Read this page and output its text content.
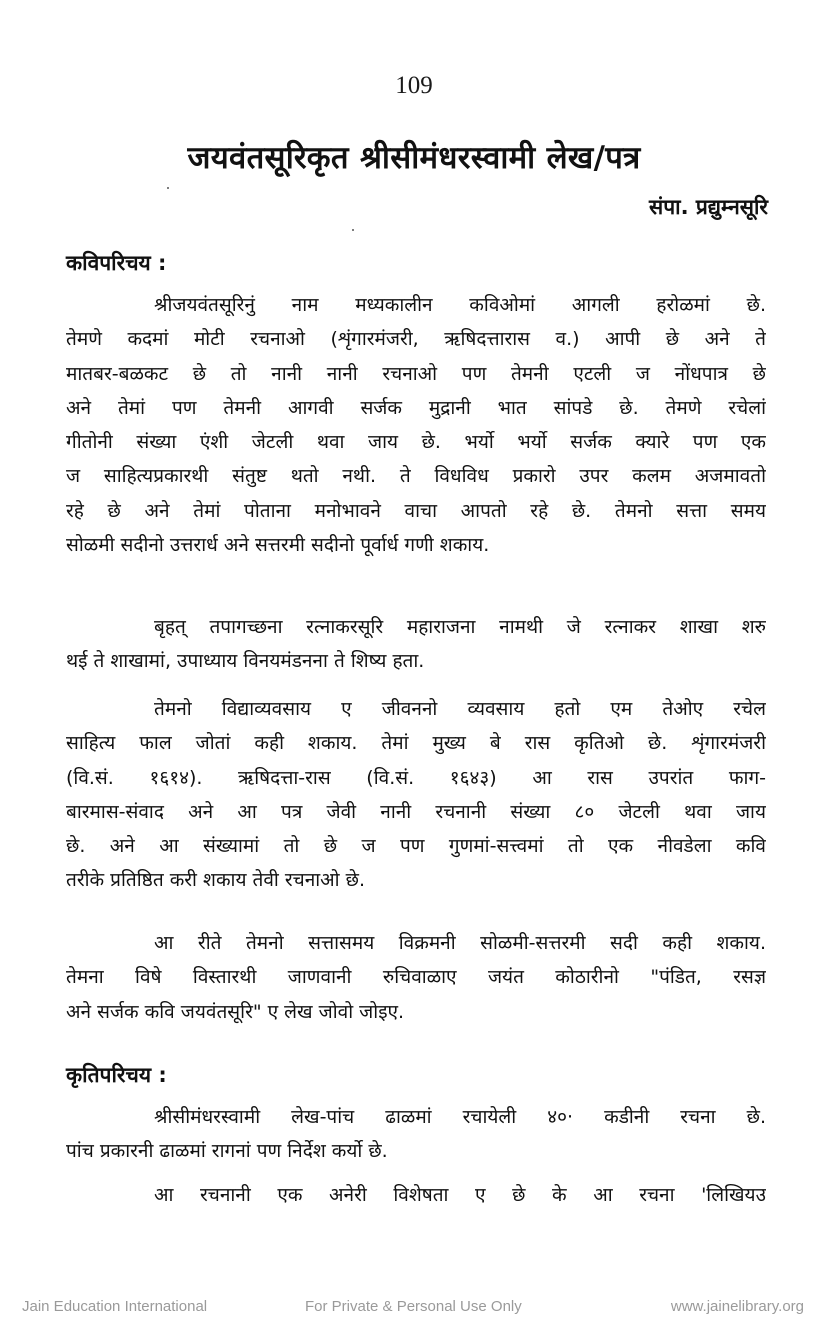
109
जयवंतसूरिकृत श्रीसीमंधरस्वामी लेख/पत्र
संपा. प्रद्युम्नसूरि
कविपरिचय :
श्रीजयवंतसूरिनुं नाम मध्यकालीन कविओमां आगली हरोळमां छे.
तेमणे कदमां मोटी रचनाओ (शृंगारमंजरी, ऋषिदत्तारास व.) आपी छे अने ते
मातबर-बळकट छे तो नानी नानी रचनाओ पण तेमनी एटली ज नोंधपात्र छे
अने तेमां पण तेमनी आगवी सर्जक मुद्रानी भात सांपडे छे. तेमणे रचेलां
गीतोनी संख्या एंशी जेटली थवा जाय छे. भर्यो भर्यो सर्जक क्यारे पण एक
ज साहित्यप्रकारथी संतुष्ट थतो नथी. ते विधविध प्रकारो उपर कलम अजमावतो
रहे छे अने तेमां पोताना मनोभावने वाचा आपतो रहे छे. तेमनो सत्ता समय
सोळमी सदीनो उत्तरार्ध अने सत्तरमी सदीनो पूर्वार्ध गणी शकाय.
बृहत् तपागच्छना रत्नाकरसूरि महाराजना नामथी जे रत्नाकर शाखा शरु
थई ते शाखामां, उपाध्याय विनयमंडनना ते शिष्य हता.
तेमनो विद्याव्यवसाय ए जीवननो व्यवसाय हतो एम तेओए रचेल
साहित्य फाल जोतां कही शकाय. तेमां मुख्य बे रास कृतिओ छे. शृंगारमंजरी
(वि.सं. १६१४). ऋषिदत्ता-रास (वि.सं. १६४३) आ रास उपरांत फाग-
बारमास-संवाद अने आ पत्र जेवी नानी रचनानी संख्या ८० जेटली थवा जाय
छे. अने आ संख्यामां तो छे ज पण गुणमां-सत्त्वमां तो एक नीवडेला कवि
तरीके प्रतिष्ठित करी शकाय तेवी रचनाओ छे.
आ रीते तेमनो सत्तासमय विक्रमनी सोळमी-सत्तरमी सदी कही शकाय.
तेमना विषे विस्तारथी जाणवानी रुचिवाळाए जयंत कोठारीनो "पंडित, रसज्ञ
अने सर्जक कवि जयवंतसूरि" ए लेख जोवो जोइए.
कृतिपरिचय :
श्रीसीमंधरस्वामी लेख-पांच ढाळमां रचायेली ४०· कडीनी रचना छे.
पांच प्रकारनी ढाळमां रागनां पण निर्देश कर्यो छे.
आ रचनानी एक अनेरी विशेषता ए छे के आ रचना 'लिखियउ
Jain Education International	For Private & Personal Use Only	www.jainelibrary.org
